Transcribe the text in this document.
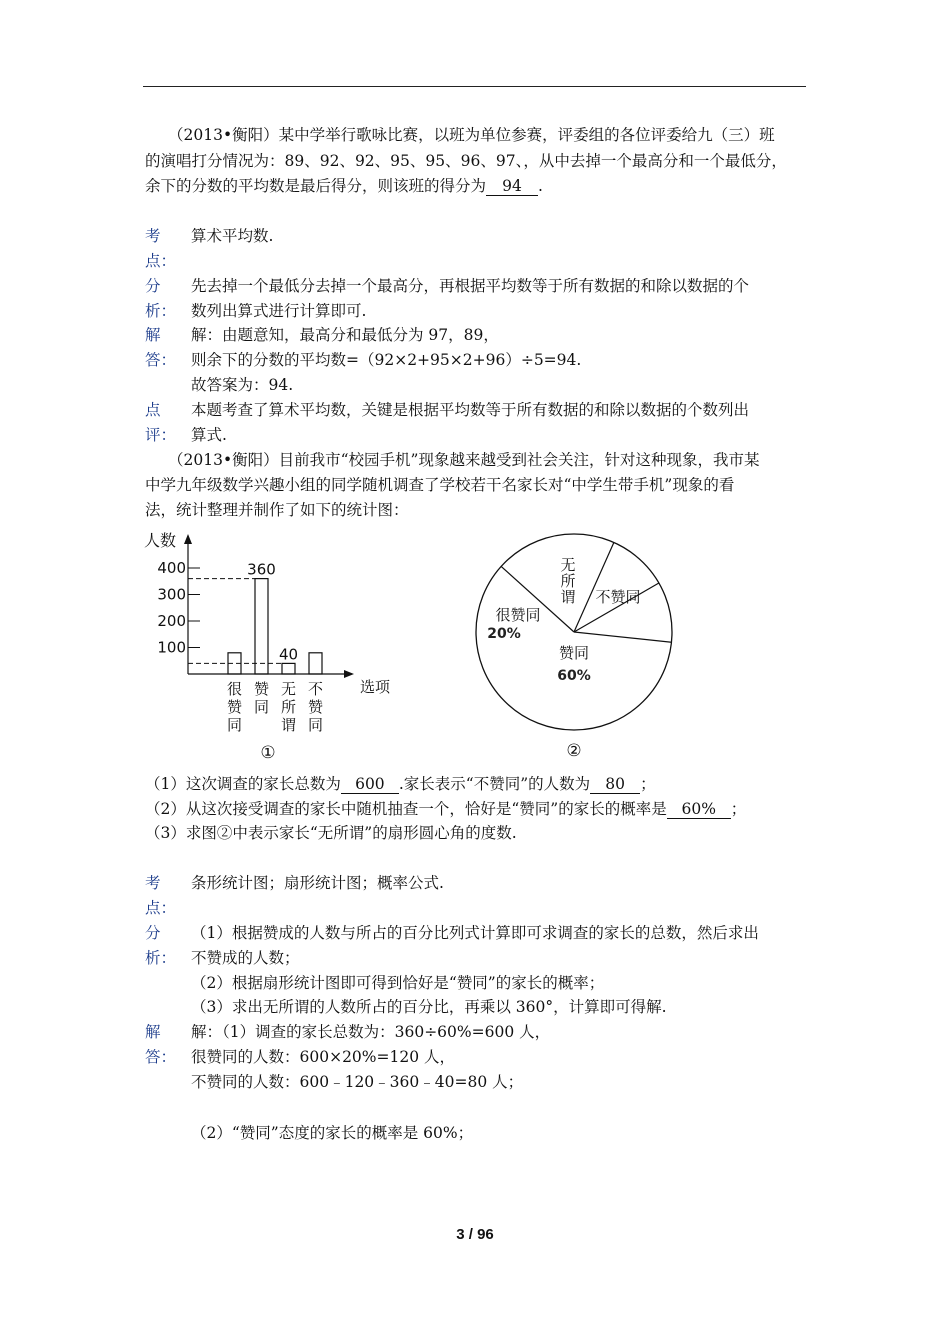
（2013•衡阳）某中学举行歌咏比赛，以班为单位参赛，评委组的各位评委给九（三）班
的演唱打分情况为：89、92、92、95、95、96、97、，从中去掉一个最高分和一个最低分，
余下的分数的平均数是最后得分，则该班的得分为 94 .
考
点：
算术平均数.
分
析：
先去掉一个最低分去掉一个最高分，再根据平均数等于所有数据的和除以数据的个
数列出算式进行计算即可.
解
答：
解：由题意知，最高分和最低分为 97，89，
则余下的分数的平均数=（92×2+95×2+96）÷5=94.
故答案为：94.
点
评：
本题考查了算术平均数，关键是根据平均数等于所有数据的和除以数据的个数列出
算式.
（2013•衡阳）目前我市“校园手机”现象越来越受到社会关注，针对这种现象，我市某
中学九年级数学兴趣小组的同学随机调查了学校若干名家长对“中学生带手机”现象的看
法，统计整理并制作了如下的统计图：
人数
选项
100
200
300
400
很
赞
同
360
赞
同
40
无
所
谓
不
赞
同
①
很赞同
20%
无
所
谓 不赞同
赞同
60%
②
（1）这次调查的家长总数为 600 .家长表示“不赞同”的人数为 80 ；
（2）从这次接受调查的家长中随机抽查一个，恰好是“赞同”的家长的概率是 60% ；
（3）求图②中表示家长“无所谓”的扇形圆心角的度数.
考
点：
条形统计图；扇形统计图；概率公式.
分
析：
（1）根据赞成的人数与所占的百分比列式计算即可求调查的家长的总数，然后求出
不赞成的人数；
（2）根据扇形统计图即可得到恰好是“赞同”的家长的概率；
（3）求出无所谓的人数所占的百分比，再乘以 360°，计算即可得解.
解
答：
解：（1）调查的家长总数为：360÷60%=600 人，
很赞同的人数：600×20%=120 人，
不赞同的人数：600﹣120﹣360﹣40=80 人；
（2）“赞同”态度的家长的概率是 60%；
3 / 96
